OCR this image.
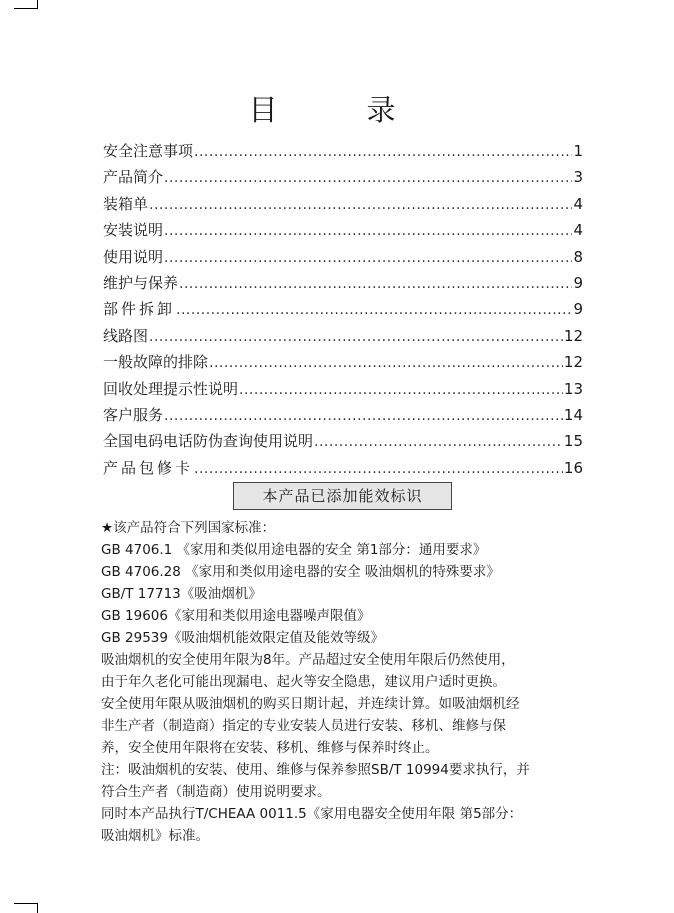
目　录
安全注意事项 .....	1
产品简介 .....	3
装箱单 .....	4
安装说明 .....	4
使用说明 .....	8
维护与保养 .....	9
部件拆卸 .....	9
线路图 .....	12
一般故障的排除 .....	12
回收处理提示性说明 .....	13
客户服务 .....	14
全国电码电话防伪查询使用说明 .....	15
产品包修卡 .....	16
本产品已添加能效标识
★该产品符合下列国家标准：
GB 4706.1 《家用和类似用途电器的安全 第1部分：通用要求》
GB 4706.28 《家用和类似用途电器的安全 吸油烟机的特殊要求》
GB/T 17713《吸油烟机》
GB 19606《家用和类似用途电器噪声限值》
GB 29539《吸油烟机能效限定值及能效等级》
吸油烟机的安全使用年限为8年。产品超过安全使用年限后仍然使用，
由于年久老化可能出现漏电、起火等安全隐患，建议用户适时更换。
安全使用年限从吸油烟机的购买日期计起，并连续计算。如吸油烟机经
非生产者（制造商）指定的专业安装人员进行安装、移机、维修与保
养，安全使用年限将在安装、移机、维修与保养时终止。
注：吸油烟机的安装、使用、维修与保养参照SB/T 10994要求执行，并
符合生产者（制造商）使用说明要求。
同时本产品执行T/CHEAA 0011.5《家用电器安全使用年限 第5部分：
吸油烟机》标准。
